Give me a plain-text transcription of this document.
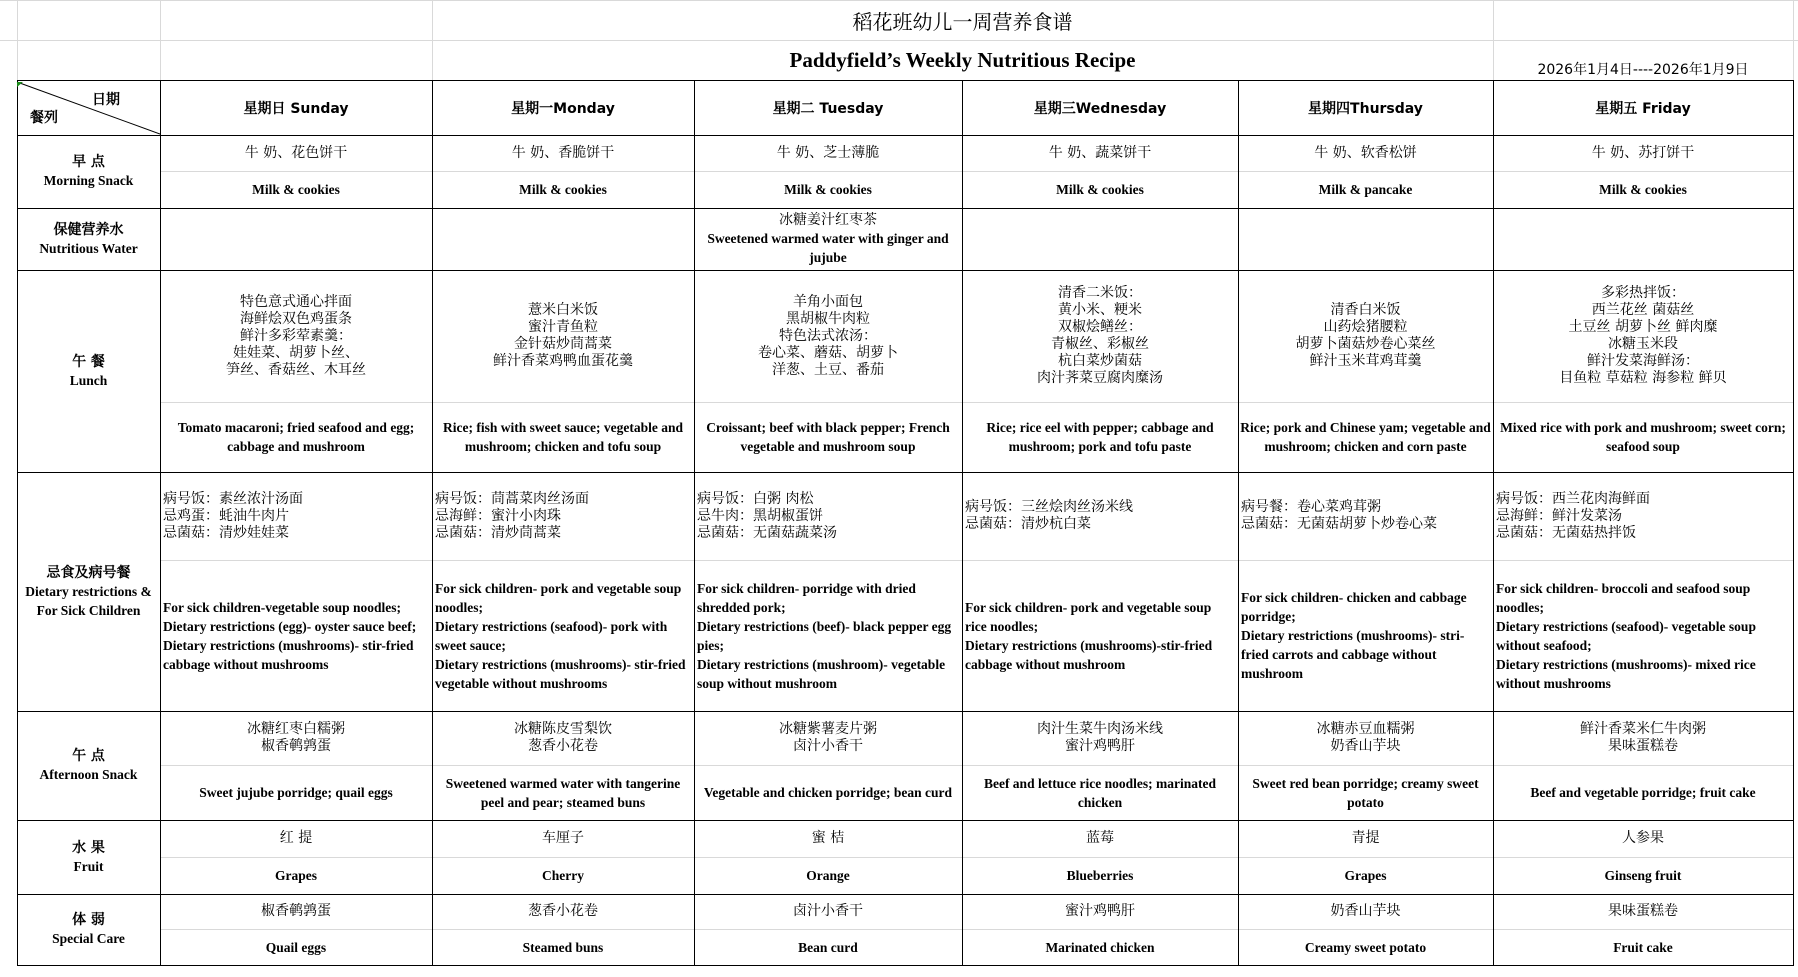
稻花班幼儿一周营养食谱
Paddyfield’s Weekly Nutritious Recipe	2026年1月4日----2026年1月9日
日期
餐列
早 点
Morning Snack
保健营养水
Nutritious Water
午 餐
Lunch
忌食及病号餐
Dietary restrictions & For Sick Children
午 点
Afternoon Snack
水 果
Fruit
体 弱
Special Care
星期日 Sunday
牛 奶、花色饼干
Milk & cookies
特色意式通心拌面
海鲜烩双色鸡蛋条
鲜汁多彩荤素羹：
娃娃菜、胡萝卜丝、
笋丝、香菇丝、木耳丝
Tomato macaroni; fried seafood and egg; cabbage and mushroom
病号饭：素丝浓汁汤面
忌鸡蛋：蚝油牛肉片
忌菌菇：清炒娃娃菜
For sick children-vegetable soup noodles;
Dietary restrictions (egg)- oyster sauce beef;
Dietary restrictions (mushrooms)- stir-fried cabbage without mushrooms
冰糖红枣白糯粥
椒香鹌鹑蛋
Sweet jujube porridge; quail eggs
红 提
Grapes
椒香鹌鹑蛋
Quail eggs
星期一Monday
牛 奶、香脆饼干
Milk & cookies
薏米白米饭
蜜汁青鱼粒
金针菇炒茼蒿菜
鲜汁香菜鸡鸭血蛋花羹
Rice; fish with sweet sauce; vegetable and mushroom; chicken and tofu soup
病号饭：茼蒿菜肉丝汤面
忌海鲜：蜜汁小肉珠
忌菌菇：清炒茼蒿菜
For sick children- pork and vegetable soup noodles;
Dietary restrictions (seafood)- pork with sweet sauce;
Dietary restrictions (mushrooms)- stir-fried vegetable without mushrooms
冰糖陈皮雪梨饮
葱香小花卷
Sweetened warmed water with tangerine peel and pear; steamed buns
车厘子
Cherry
葱香小花卷
Steamed buns
星期二 Tuesday
牛 奶、芝士薄脆
Milk & cookies
冰糖姜汁红枣茶
Sweetened warmed water with ginger and jujube
羊角小面包
黑胡椒牛肉粒
特色法式浓汤：
卷心菜、蘑菇、胡萝卜
洋葱、土豆、番茄
Croissant; beef with black pepper; French vegetable and mushroom soup
病号饭：白粥 肉松
忌牛肉：黑胡椒蛋饼
忌菌菇：无菌菇蔬菜汤
For sick children- porridge with dried shredded pork;
Dietary restrictions (beef)- black pepper egg pies;
Dietary restrictions (mushroom)- vegetable soup without mushroom
冰糖紫薯麦片粥
卤汁小香干
Vegetable and chicken porridge; bean curd
蜜 桔
Orange
卤汁小香干
Bean curd
星期三Wednesday
牛 奶、蔬菜饼干
Milk & cookies
清香二米饭：
黄小米、粳米
双椒烩鳝丝：
青椒丝、彩椒丝
杭白菜炒菌菇
肉汁荠菜豆腐肉糜汤
Rice; rice eel with pepper; cabbage and mushroom; pork and tofu paste
病号饭：三丝烩肉丝汤米线
忌菌菇：清炒杭白菜
For sick children- pork and vegetable soup rice noodles;
Dietary restrictions (mushrooms)-stir-fried cabbage without mushroom
肉汁生菜牛肉汤米线
蜜汁鸡鸭肝
Beef and lettuce rice noodles; marinated chicken
蓝莓
Blueberries
蜜汁鸡鸭肝
Marinated chicken
星期四Thursday
牛 奶、软香松饼
Milk & pancake
清香白米饭
山药烩猪腰粒
胡萝卜菌菇炒卷心菜丝
鲜汁玉米茸鸡茸羹
Rice; pork and Chinese yam; vegetable and mushroom; chicken and corn paste
病号餐：卷心菜鸡茸粥
忌菌菇：无菌菇胡萝卜炒卷心菜
For sick children- chicken and cabbage porridge;
Dietary restrictions (mushrooms)- stri-fried carrots and cabbage without mushroom
冰糖赤豆血糯粥
奶香山芋块
Sweet red bean porridge; creamy sweet potato
青提
Grapes
奶香山芋块
Creamy sweet potato
星期五 Friday
牛 奶、苏打饼干
Milk & cookies
多彩热拌饭：
西兰花丝 菌菇丝
土豆丝 胡萝卜丝 鲜肉糜
冰糖玉米段
鲜汁发菜海鲜汤：
目鱼粒 草菇粒 海参粒 鲜贝
Mixed rice with pork and mushroom; sweet corn; seafood soup
病号饭：西兰花肉海鲜面
忌海鲜：鲜汁发菜汤
忌菌菇：无菌菇热拌饭
For sick children- broccoli and seafood soup noodles;
Dietary restrictions (seafood)- vegetable soup without seafood;
Dietary restrictions (mushrooms)- mixed rice without mushrooms
鲜汁香菜米仁牛肉粥
果味蛋糕卷
Beef and vegetable porridge; fruit cake
人参果
Ginseng fruit
果味蛋糕卷
Fruit cake
